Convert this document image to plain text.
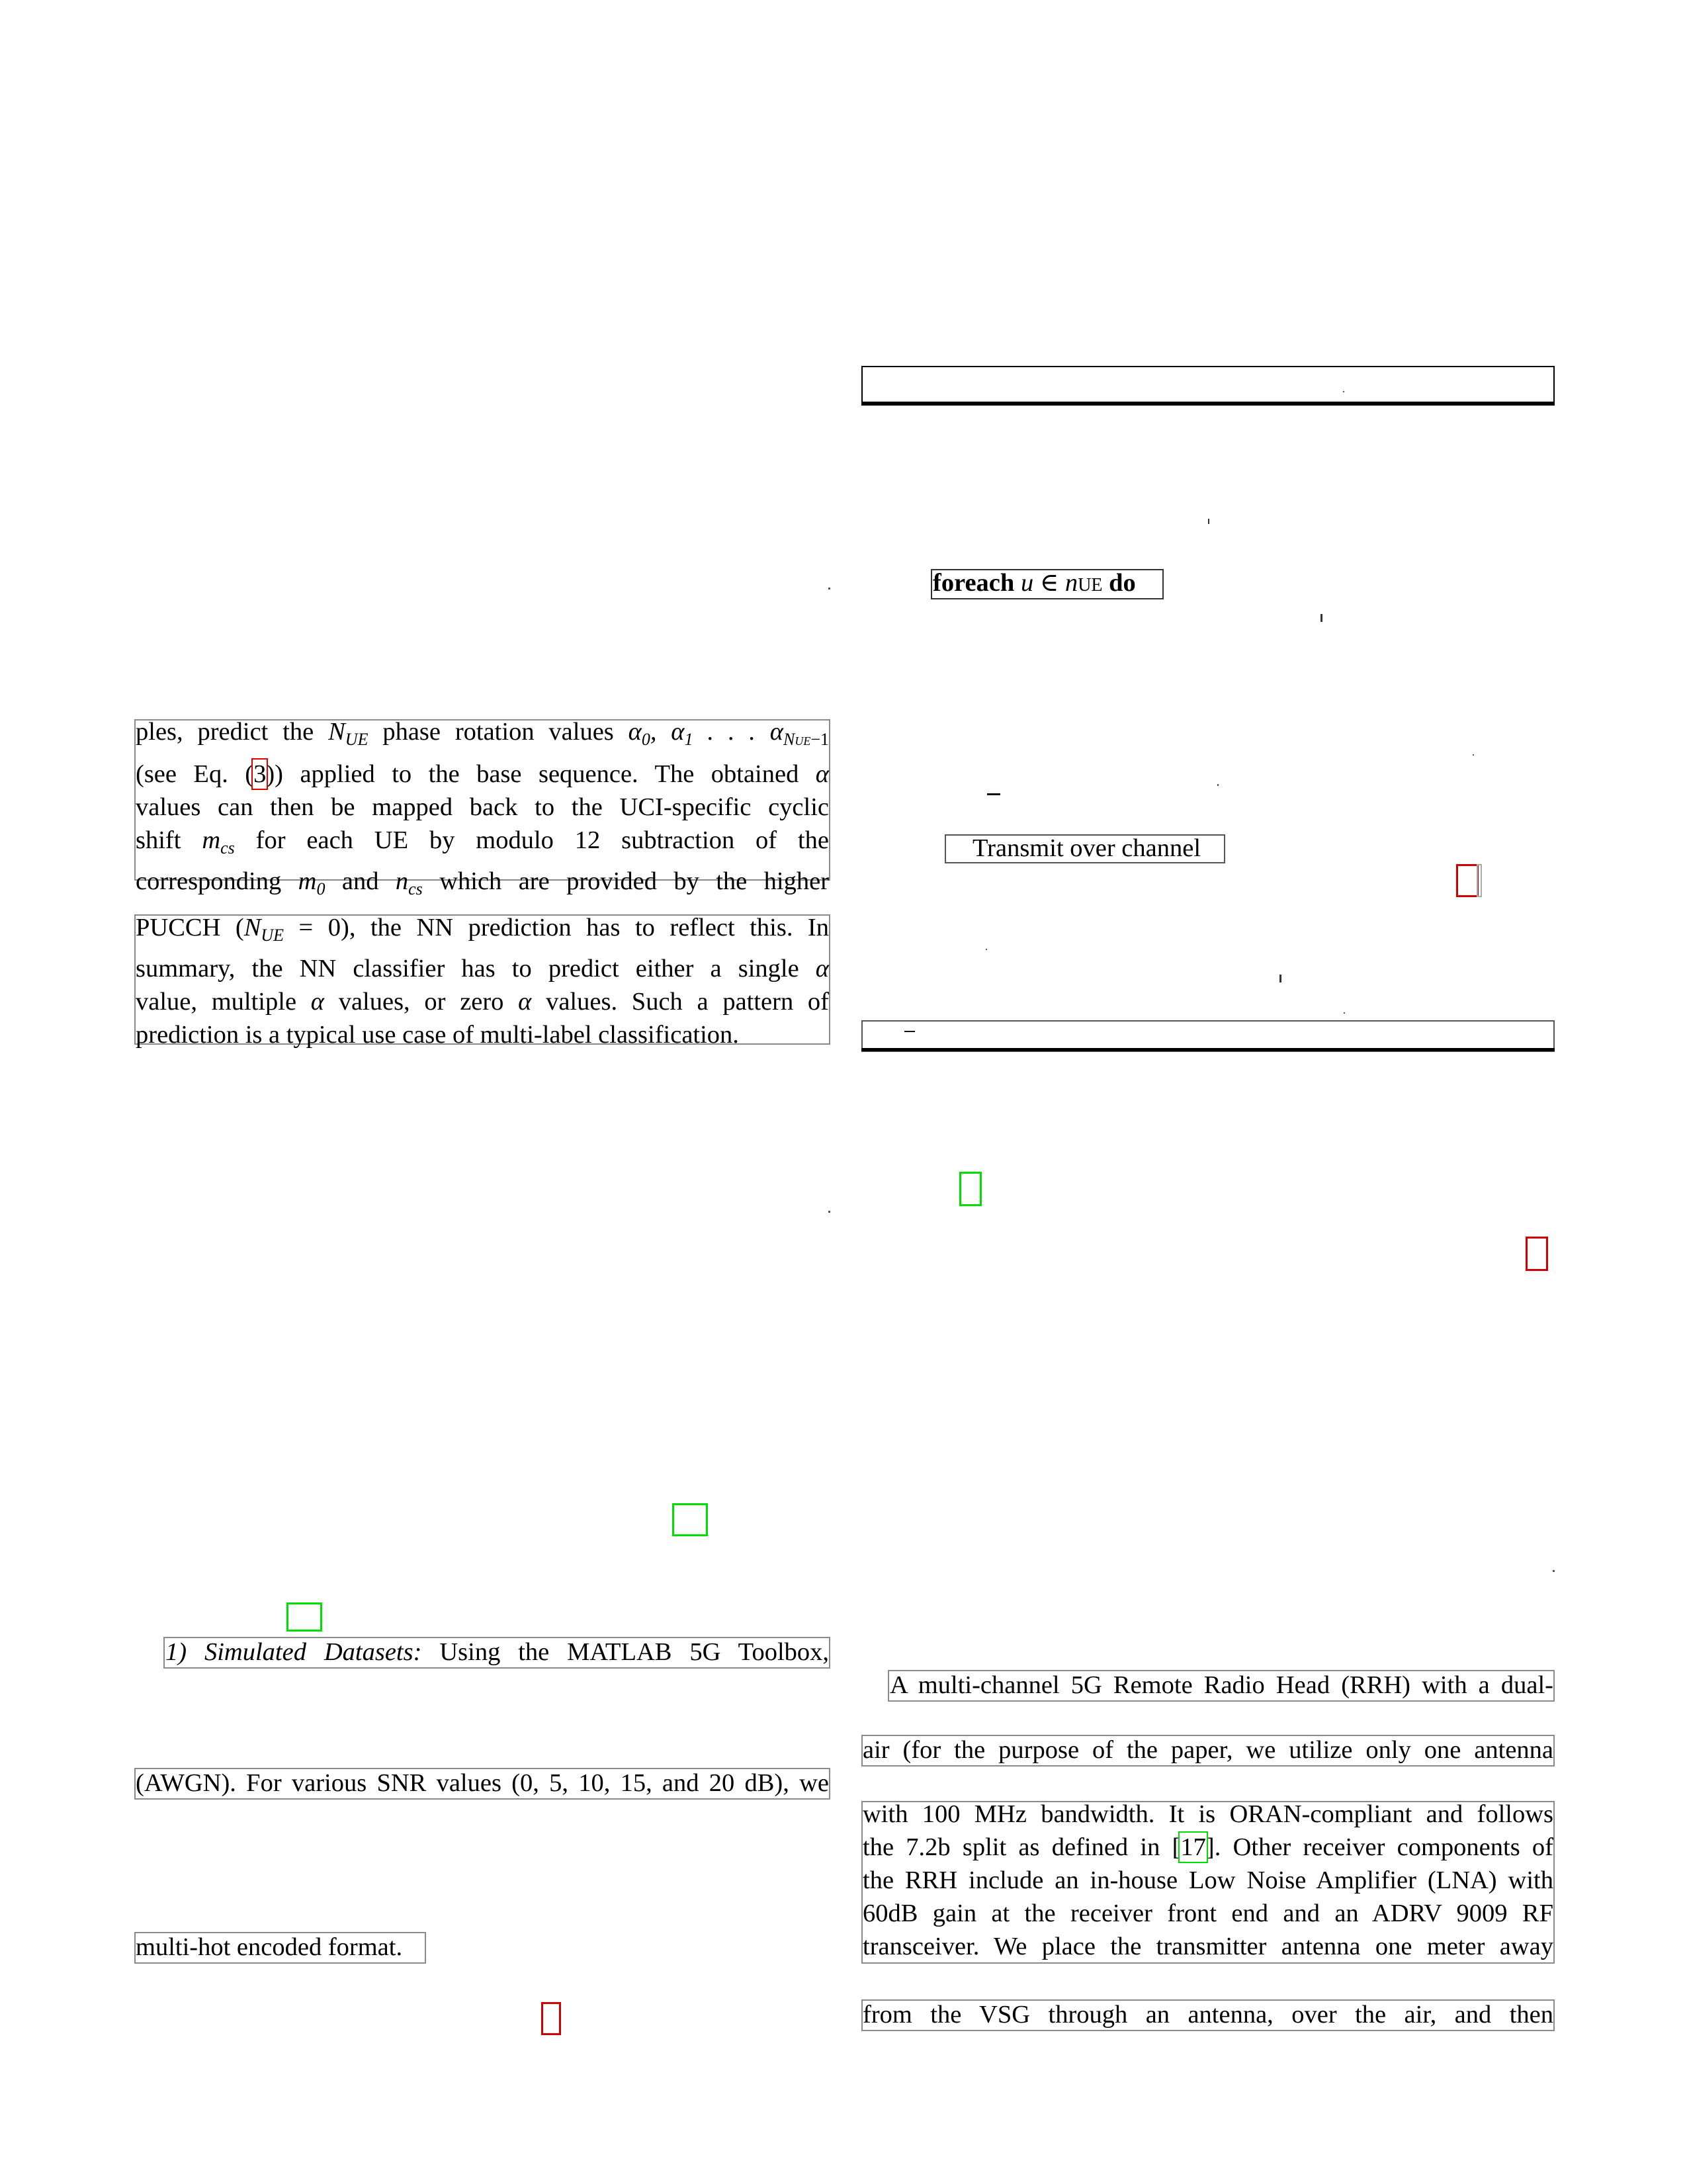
ples, predict the $N_{UE}$ phase rotation values $\alpha_0$, $\alpha_1$ . . . $\alpha_{NUE-1}$
(see Eq. (3)) applied to the base sequence. The obtained α
values can then be mapped back to the UCI-specific cyclic
shift $m_{cs}$ for each UE by modulo 12 subtraction of the
corresponding $m_0$ and $n_{cs}$ which are provided by the higher
PUCCH $(N_{UE} = 0)$, the NN prediction has to reflect this. In
summary, the NN classifier has to predict either a single α
value, multiple α values, or zero α values. Such a pattern of
prediction is a typical use case of multi-label classification.
1) Simulated Datasets: Using the MATLAB 5G Toolbox,
(AWGN). For various SNR values (0, 5, 10, 15, and 20 dB), we
multi-hot encoded format.
foreach u ∈ nUE do
Transmit over channel
A multi-channel 5G Remote Radio Head (RRH) with a dual-
air (for the purpose of the paper, we utilize only one antenna
with 100 MHz bandwidth. It is ORAN-compliant and follows
the 7.2b split as defined in [17]. Other receiver components of
the RRH include an in-house Low Noise Amplifier (LNA) with
60dB gain at the receiver front end and an ADRV 9009 RF
transceiver. We place the transmitter antenna one meter away
from the VSG through an antenna, over the air, and then
